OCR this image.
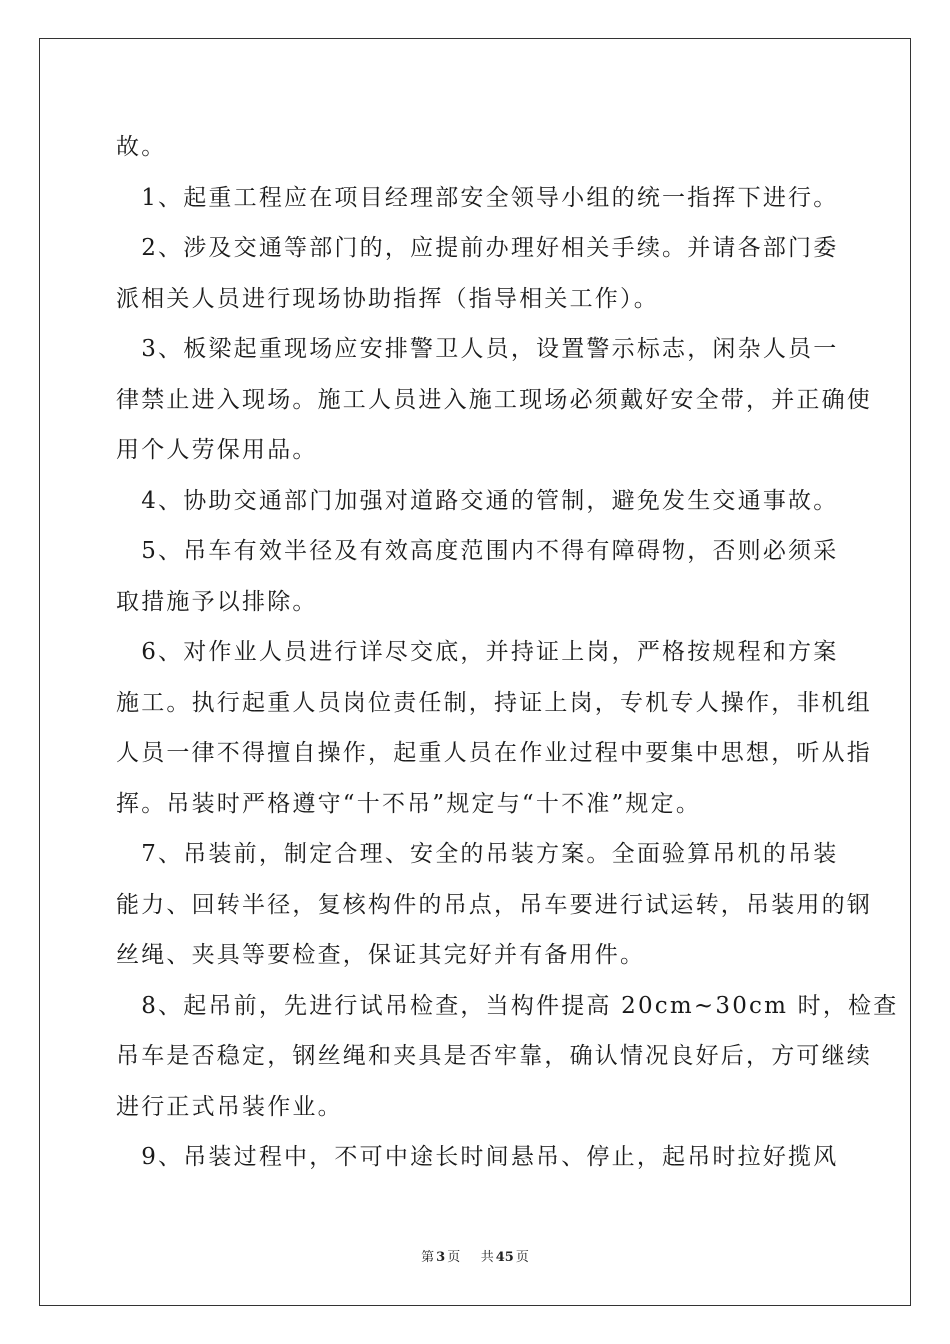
故。
　1、起重工程应在项目经理部安全领导小组的统一指挥下进行。
　2、涉及交通等部门的，应提前办理好相关手续。并请各部门委
派相关人员进行现场协助指挥（指导相关工作）。
　3、板梁起重现场应安排警卫人员，设置警示标志，闲杂人员一
律禁止进入现场。施工人员进入施工现场必须戴好安全带，并正确使
用个人劳保用品。
　4、协助交通部门加强对道路交通的管制，避免发生交通事故。
　5、吊车有效半径及有效高度范围内不得有障碍物，否则必须采
取措施予以排除。
　6、对作业人员进行详尽交底，并持证上岗，严格按规程和方案
施工。执行起重人员岗位责任制，持证上岗，专机专人操作，非机组
人员一律不得擅自操作，起重人员在作业过程中要集中思想，听从指
挥。吊装时严格遵守“十不吊”规定与“十不准”规定。
　7、吊装前，制定合理、安全的吊装方案。全面验算吊机的吊装
能力、回转半径，复核构件的吊点，吊车要进行试运转，吊装用的钢
丝绳、夹具等要检查，保证其完好并有备用件。
　8、起吊前，先进行试吊检查，当构件提高 20cm~30cm 时，检查
吊车是否稳定，钢丝绳和夹具是否牢靠，确认情况良好后，方可继续
进行正式吊装作业。
　9、吊装过程中，不可中途长时间悬吊、停止，起吊时拉好揽风
第 3 页 共 45 页
